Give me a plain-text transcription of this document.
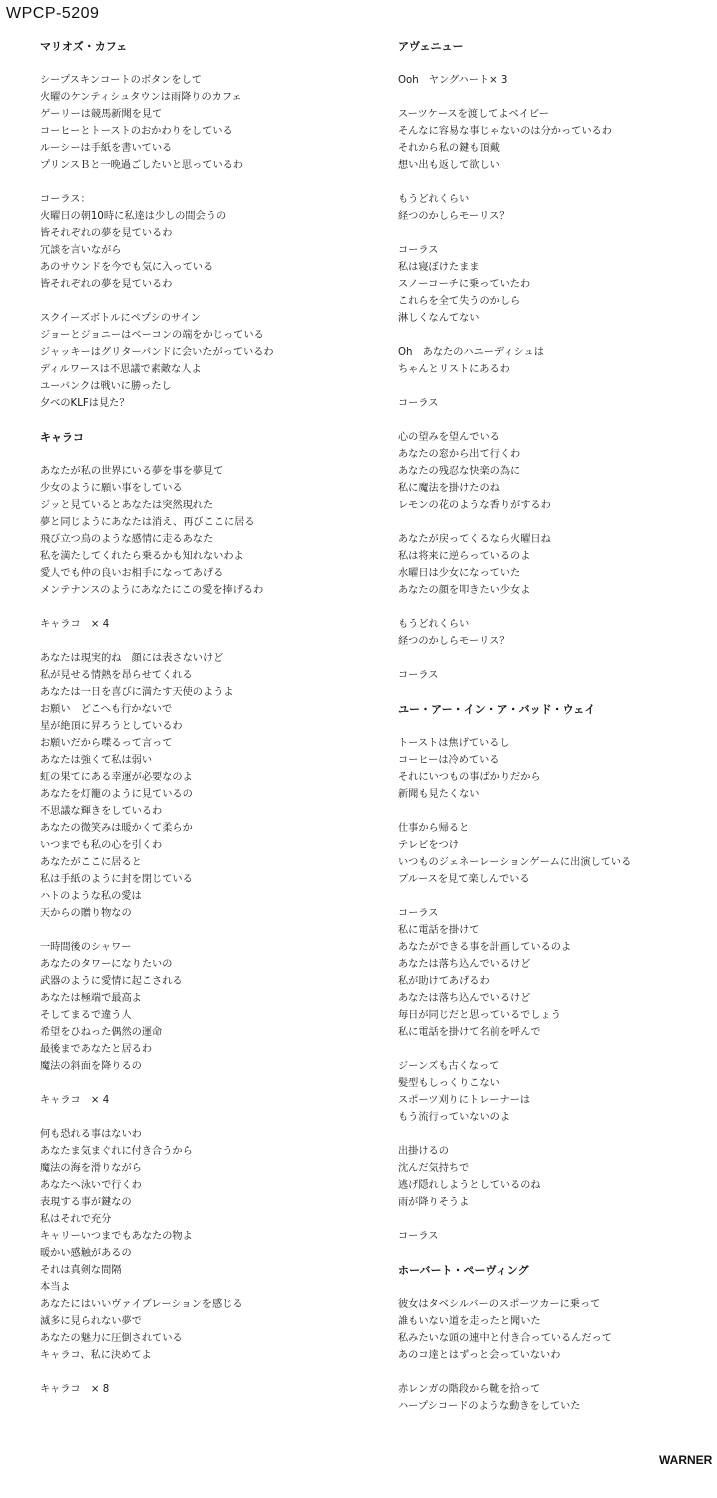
WPCP-5209
マリオズ・カフェ
シープスキンコートのボタンをして
火曜のケンティシュタウンは雨降りのカフェ
ゲーリーは競馬新聞を見て
コーヒーとトーストのおかわりをしている
ルーシーは手紙を書いている
プリンスＢと一晩過ごしたいと思っているわ
コーラス：
火曜日の朝10時に私達は少しの間会うの
皆それぞれの夢を見ているわ
冗談を言いながら
あのサウンドを今でも気に入っている
皆それぞれの夢を見ているわ
スクイーズボトルにペプシのサイン
ジョーとジョニーはベーコンの端をかじっている
ジャッキーはグリターバンドに会いたがっているわ
ディルワースは不思議で素敵な人よ
ユーバンクは戦いに勝ったし
夕べのKLFは見た？
キャラコ
あなたが私の世界にいる夢を事を夢見て
少女のように願い事をしている
ジッと見ているとあなたは突然現れた
夢と同じようにあなたは消え、再びここに居る
飛び立つ鳥のような感情に走るあなた
私を満たしてくれたら乗るかも知れないわよ
愛人でも仲の良いお相手になってあげる
メンテナンスのようにあなたにこの愛を捧げるわ
キャラコ　× 4
あなたは現実的ね　顔には表さないけど
私が見せる情熱を昂らせてくれる
あなたは一日を喜びに満たす天使のようよ
お願い　どこへも行かないで
星が絶頂に昇ろうとしているわ
お願いだから喋るって言って
あなたは強くて私は弱い
虹の果てにある幸運が必要なのよ
あなたを灯籠のように見ているの
不思議な輝きをしているわ
あなたの微笑みは暖かくて柔らか
いつまでも私の心を引くわ
あなたがここに居ると
私は手紙のように封を閉じている
ハトのような私の愛は
天からの贈り物なの
一時間後のシャワー
あなたのタワーになりたいの
武器のように愛情に起こされる
あなたは極端で最高よ
そしてまるで違う人
希望をひねった偶然の運命
最後まであなたと居るわ
魔法の斜面を降りるの
キャラコ　× 4
何も恐れる事はないわ
あなたま気まぐれに付き合うから
魔法の海を滑りながら
あなたへ泳いで行くわ
表現する事が鍵なの
私はそれで充分
キャリーいつまでもあなたの物よ
暖かい感触があるの
それは真剣な間隔
本当よ
あなたにはいいヴァイブレーションを感じる
滅多に見られない夢で
あなたの魅力に圧倒されている
キャラコ、私に決めてよ
キャラコ　× 8
アヴェニュー
Ooh　ヤングハート× 3
スーツケースを渡してよベイビー
そんなに容易な事じゃないのは分かっているわ
それから私の鍵も頂戴
想い出も返して欲しい
もうどれくらい
経つのかしらモーリス？
コーラス
私は寝ぼけたまま
スノーコーチに乗っていたわ
これらを全て失うのかしら
淋しくなんてない
Oh　あなたのハニーディシュは
ちゃんとリストにあるわ
コーラス
心の望みを望んでいる
あなたの窓から出て行くわ
あなたの残忍な快楽の為に
私に魔法を掛けたのね
レモンの花のような香りがするわ
あなたが戻ってくるなら火曜日ね
私は将来に逆らっているのよ
水曜日は少女になっていた
あなたの顔を叩きたい少女よ
もうどれくらい
経つのかしらモーリス？
コーラス
ユー・アー・イン・ア・バッド・ウェイ
トーストは焦げているし
コーヒーは冷めている
それにいつもの事ばかりだから
新聞も見たくない
仕事から帰ると
テレビをつけ
いつものジェネーレーションゲームに出演している
ブルースを見て楽しんでいる
コーラス
私に電話を掛けて
あなたができる事を計画しているのよ
あなたは落ち込んでいるけど
私が助けてあげるわ
あなたは落ち込んでいるけど
毎日が同じだと思っているでしょう
私に電話を掛けて名前を呼んで
ジーンズも古くなって
髪型もしっくりこない
スポーツ刈りにトレーナーは
もう流行っていないのよ
出掛けるの
沈んだ気持ちで
逃げ隠れしようとしているのね
雨が降りそうよ
コーラス
ホーバート・ペーヴィング
彼女はタベシルバーのスポーツカーに乗って
誰もいない道を走ったと聞いた
私みたいな頭の連中と付き合っているんだって
あのコ達とはずっと会っていないわ
赤レンガの階段から靴を拾って
ハープシコードのような動きをしていた
WARNER
